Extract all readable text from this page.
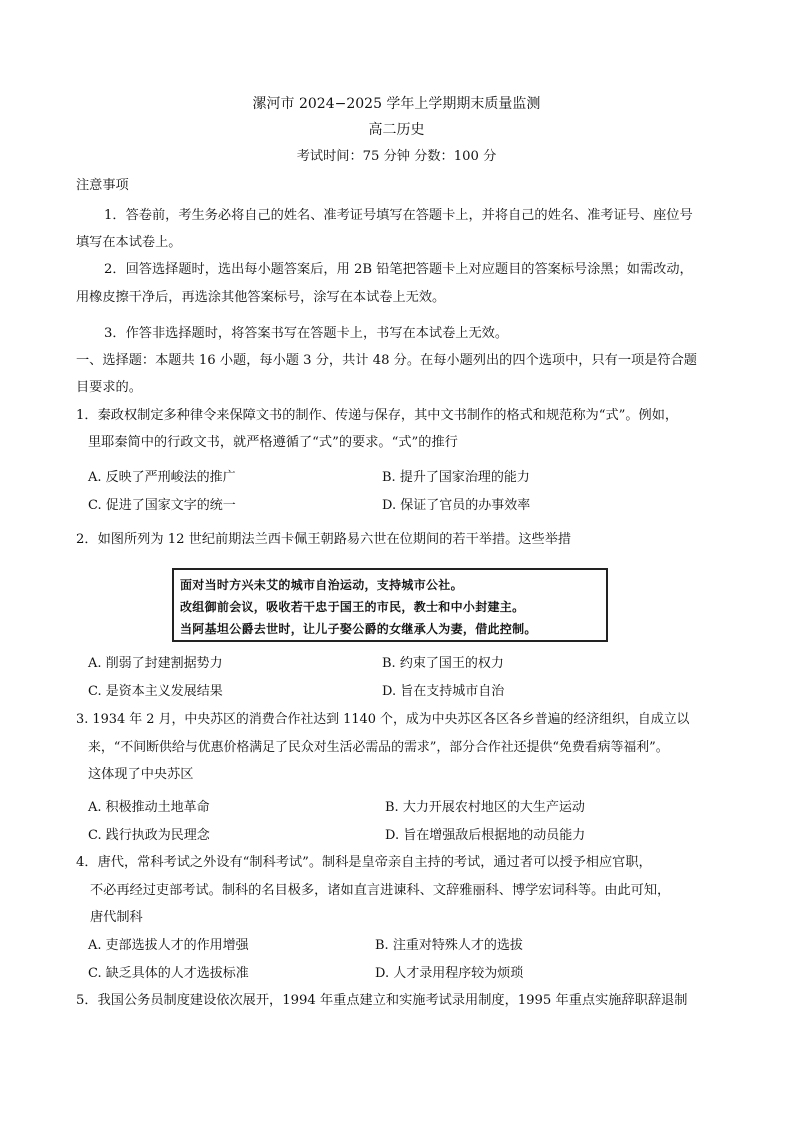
漯河市 2024−2025 学年上学期期末质量监测
高二历史
考试时间：75 分钟 分数：100 分
注意事项
1．答卷前，考生务必将自己的姓名、准考证号填写在答题卡上，并将自己的姓名、准考证号、座位号
填写在本试卷上。
2．回答选择题时，选出每小题答案后，用 2B 铅笔把答题卡上对应题目的答案标号涂黑；如需改动，
用橡皮擦干净后，再选涂其他答案标号，涂写在本试卷上无效。
3．作答非选择题时，将答案书写在答题卡上，书写在本试卷上无效。
一、选择题：本题共 16 小题，每小题 3 分，共计 48 分。在每小题列出的四个选项中，只有一项是符合题
目要求的。
1．秦政权制定多种律令来保障文书的制作、传递与保存，其中文书制作的格式和规范称为“式”。例如，
里耶秦简中的行政文书，就严格遵循了“式”的要求。“式”的推行
A. 反映了严刑峻法的推广	B. 提升了国家治理的能力
C. 促进了国家文字的统一	D. 保证了官员的办事效率
2．如图所列为 12 世纪前期法兰西卡佩王朝路易六世在位期间的若干举措。这些举措
面对当时方兴未艾的城市自治运动，支持城市公社。
改组御前会议，吸收若干忠于国王的市民，教士和中小封建主。
当阿基坦公爵去世时，让儿子娶公爵的女继承人为妻，借此控制。
A. 削弱了封建割据势力	B. 约束了国王的权力
C. 是资本主义发展结果	D. 旨在支持城市自治
3. 1934 年 2 月，中央苏区的消费合作社达到 1140 个，成为中央苏区各区各乡普遍的经济组织，自成立以
来，“不间断供给与优惠价格满足了民众对生活必需品的需求”，部分合作社还提供“免费看病等福利”。
这体现了中央苏区
A. 积极推动土地革命	B. 大力开展农村地区的大生产运动
C. 践行执政为民理念	D. 旨在增强敌后根据地的动员能力
4．唐代，常科考试之外设有“制科考试”。制科是皇帝亲自主持的考试，通过者可以授予相应官职，
不必再经过吏部考试。制科的名目极多，诸如直言进谏科、文辞雅丽科、博学宏词科等。由此可知，
唐代制科
A. 吏部选拔人才的作用增强	B. 注重对特殊人才的选拔
C. 缺乏具体的人才选拔标准	D. 人才录用程序较为烦琐
5．我国公务员制度建设依次展开，1994 年重点建立和实施考试录用制度，1995 年重点实施辞职辞退制
